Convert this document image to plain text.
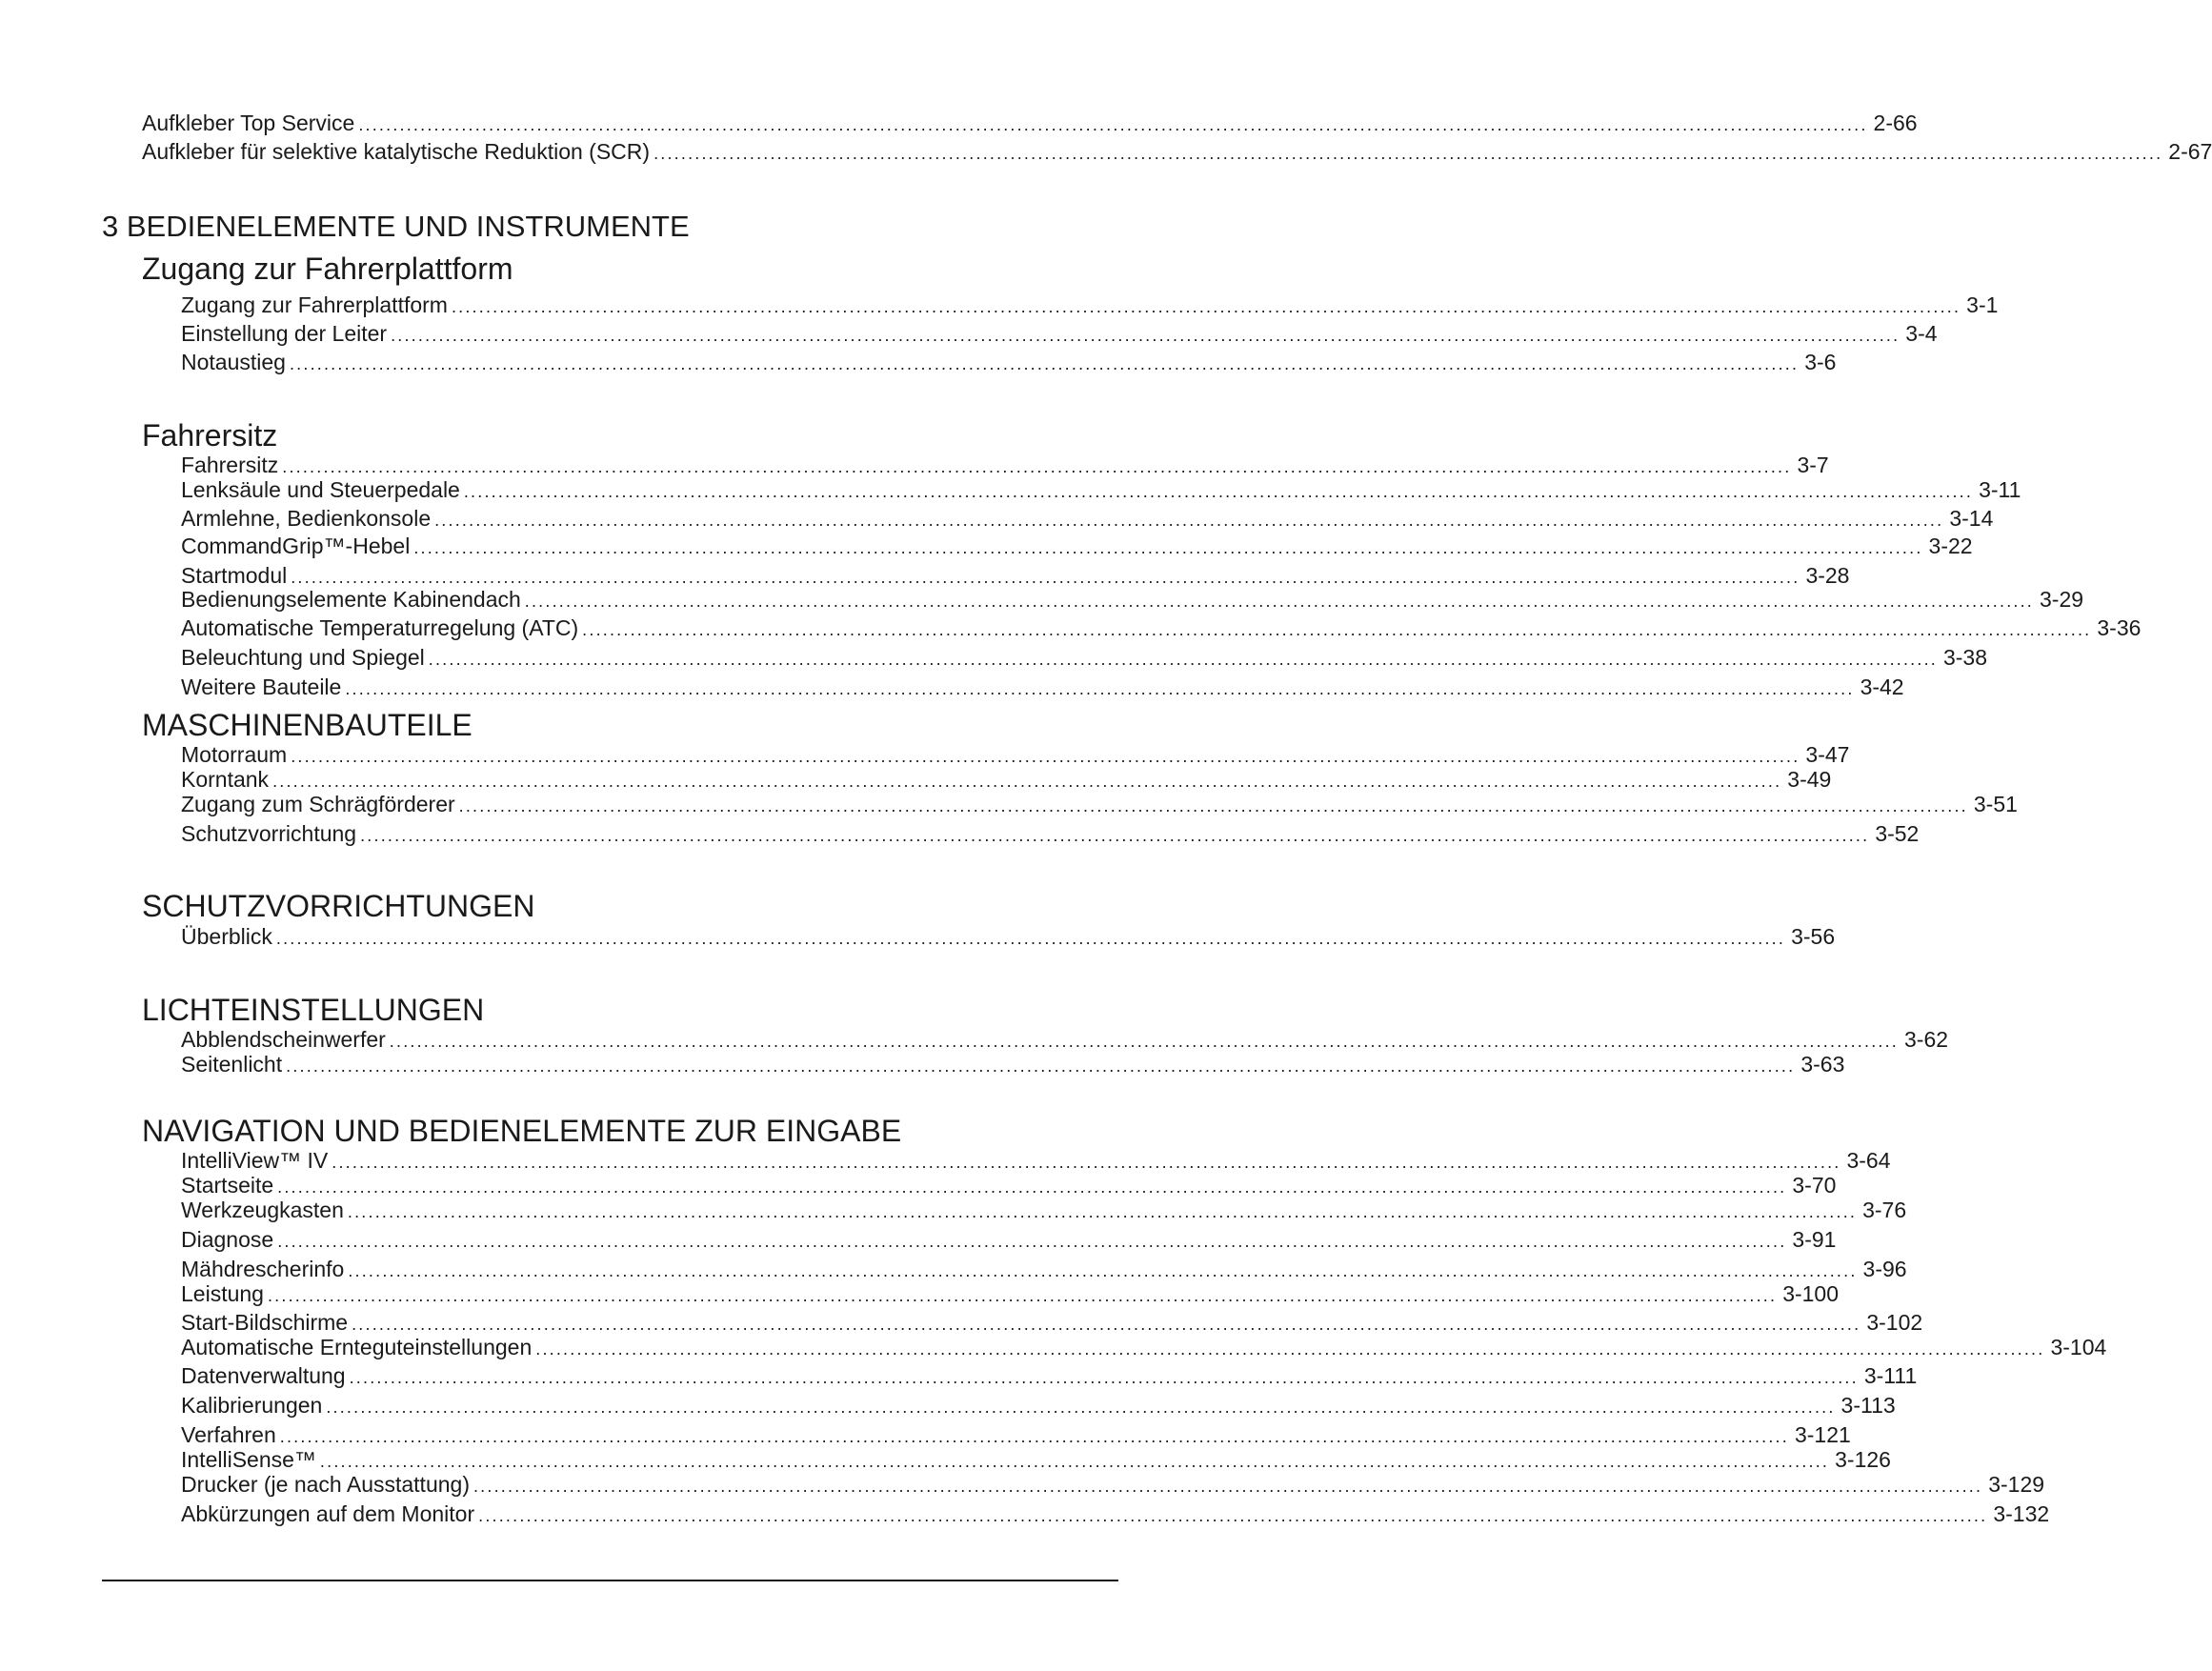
Aufkleber Top Service ............................................................................................................................................................................................................................ 2-66
Aufkleber für selektive katalytische Reduktion (SCR) ............................................................................................................................................................................................................................ 2-67
3 BEDIENELEMENTE UND INSTRUMENTE
Zugang zur Fahrerplattform
Zugang zur Fahrerplattform ............................................................................................................................................................................................................................ 3-1
Einstellung der Leiter ............................................................................................................................................................................................................................ 3-4
Notaustieg ............................................................................................................................................................................................................................ 3-6
Fahrersitz
Fahrersitz ............................................................................................................................................................................................................................ 3-7
Lenksäule und Steuerpedale ............................................................................................................................................................................................................................ 3-11
Armlehne, Bedienkonsole ............................................................................................................................................................................................................................ 3-14
CommandGrip™-Hebel ............................................................................................................................................................................................................................ 3-22
Startmodul ............................................................................................................................................................................................................................ 3-28
Bedienungselemente Kabinendach ............................................................................................................................................................................................................................ 3-29
Automatische Temperaturregelung (ATC) ............................................................................................................................................................................................................................ 3-36
Beleuchtung und Spiegel ............................................................................................................................................................................................................................ 3-38
Weitere Bauteile ............................................................................................................................................................................................................................ 3-42
MASCHINENBAUTEILE
Motorraum ............................................................................................................................................................................................................................ 3-47
Korntank ............................................................................................................................................................................................................................ 3-49
Zugang zum Schrägförderer ............................................................................................................................................................................................................................ 3-51
Schutzvorrichtung ............................................................................................................................................................................................................................ 3-52
SCHUTZVORRICHTUNGEN
Überblick ............................................................................................................................................................................................................................ 3-56
LICHTEINSTELLUNGEN
Abblendscheinwerfer ............................................................................................................................................................................................................................ 3-62
Seitenlicht ............................................................................................................................................................................................................................ 3-63
NAVIGATION UND BEDIENELEMENTE ZUR EINGABE
IntelliView™ IV ............................................................................................................................................................................................................................ 3-64
Startseite ............................................................................................................................................................................................................................ 3-70
Werkzeugkasten ............................................................................................................................................................................................................................ 3-76
Diagnose ............................................................................................................................................................................................................................ 3-91
Mähdrescherinfo ............................................................................................................................................................................................................................ 3-96
Leistung ............................................................................................................................................................................................................................ 3-100
Start-Bildschirme ............................................................................................................................................................................................................................ 3-102
Automatische Ernteguteinstellungen ............................................................................................................................................................................................................................ 3-104
Datenverwaltung ............................................................................................................................................................................................................................ 3-111
Kalibrierungen ............................................................................................................................................................................................................................ 3-113
Verfahren ............................................................................................................................................................................................................................ 3-121
IntelliSense™ ............................................................................................................................................................................................................................ 3-126
Drucker (je nach Ausstattung) ............................................................................................................................................................................................................................ 3-129
Abkürzungen auf dem Monitor ............................................................................................................................................................................................................................ 3-132
